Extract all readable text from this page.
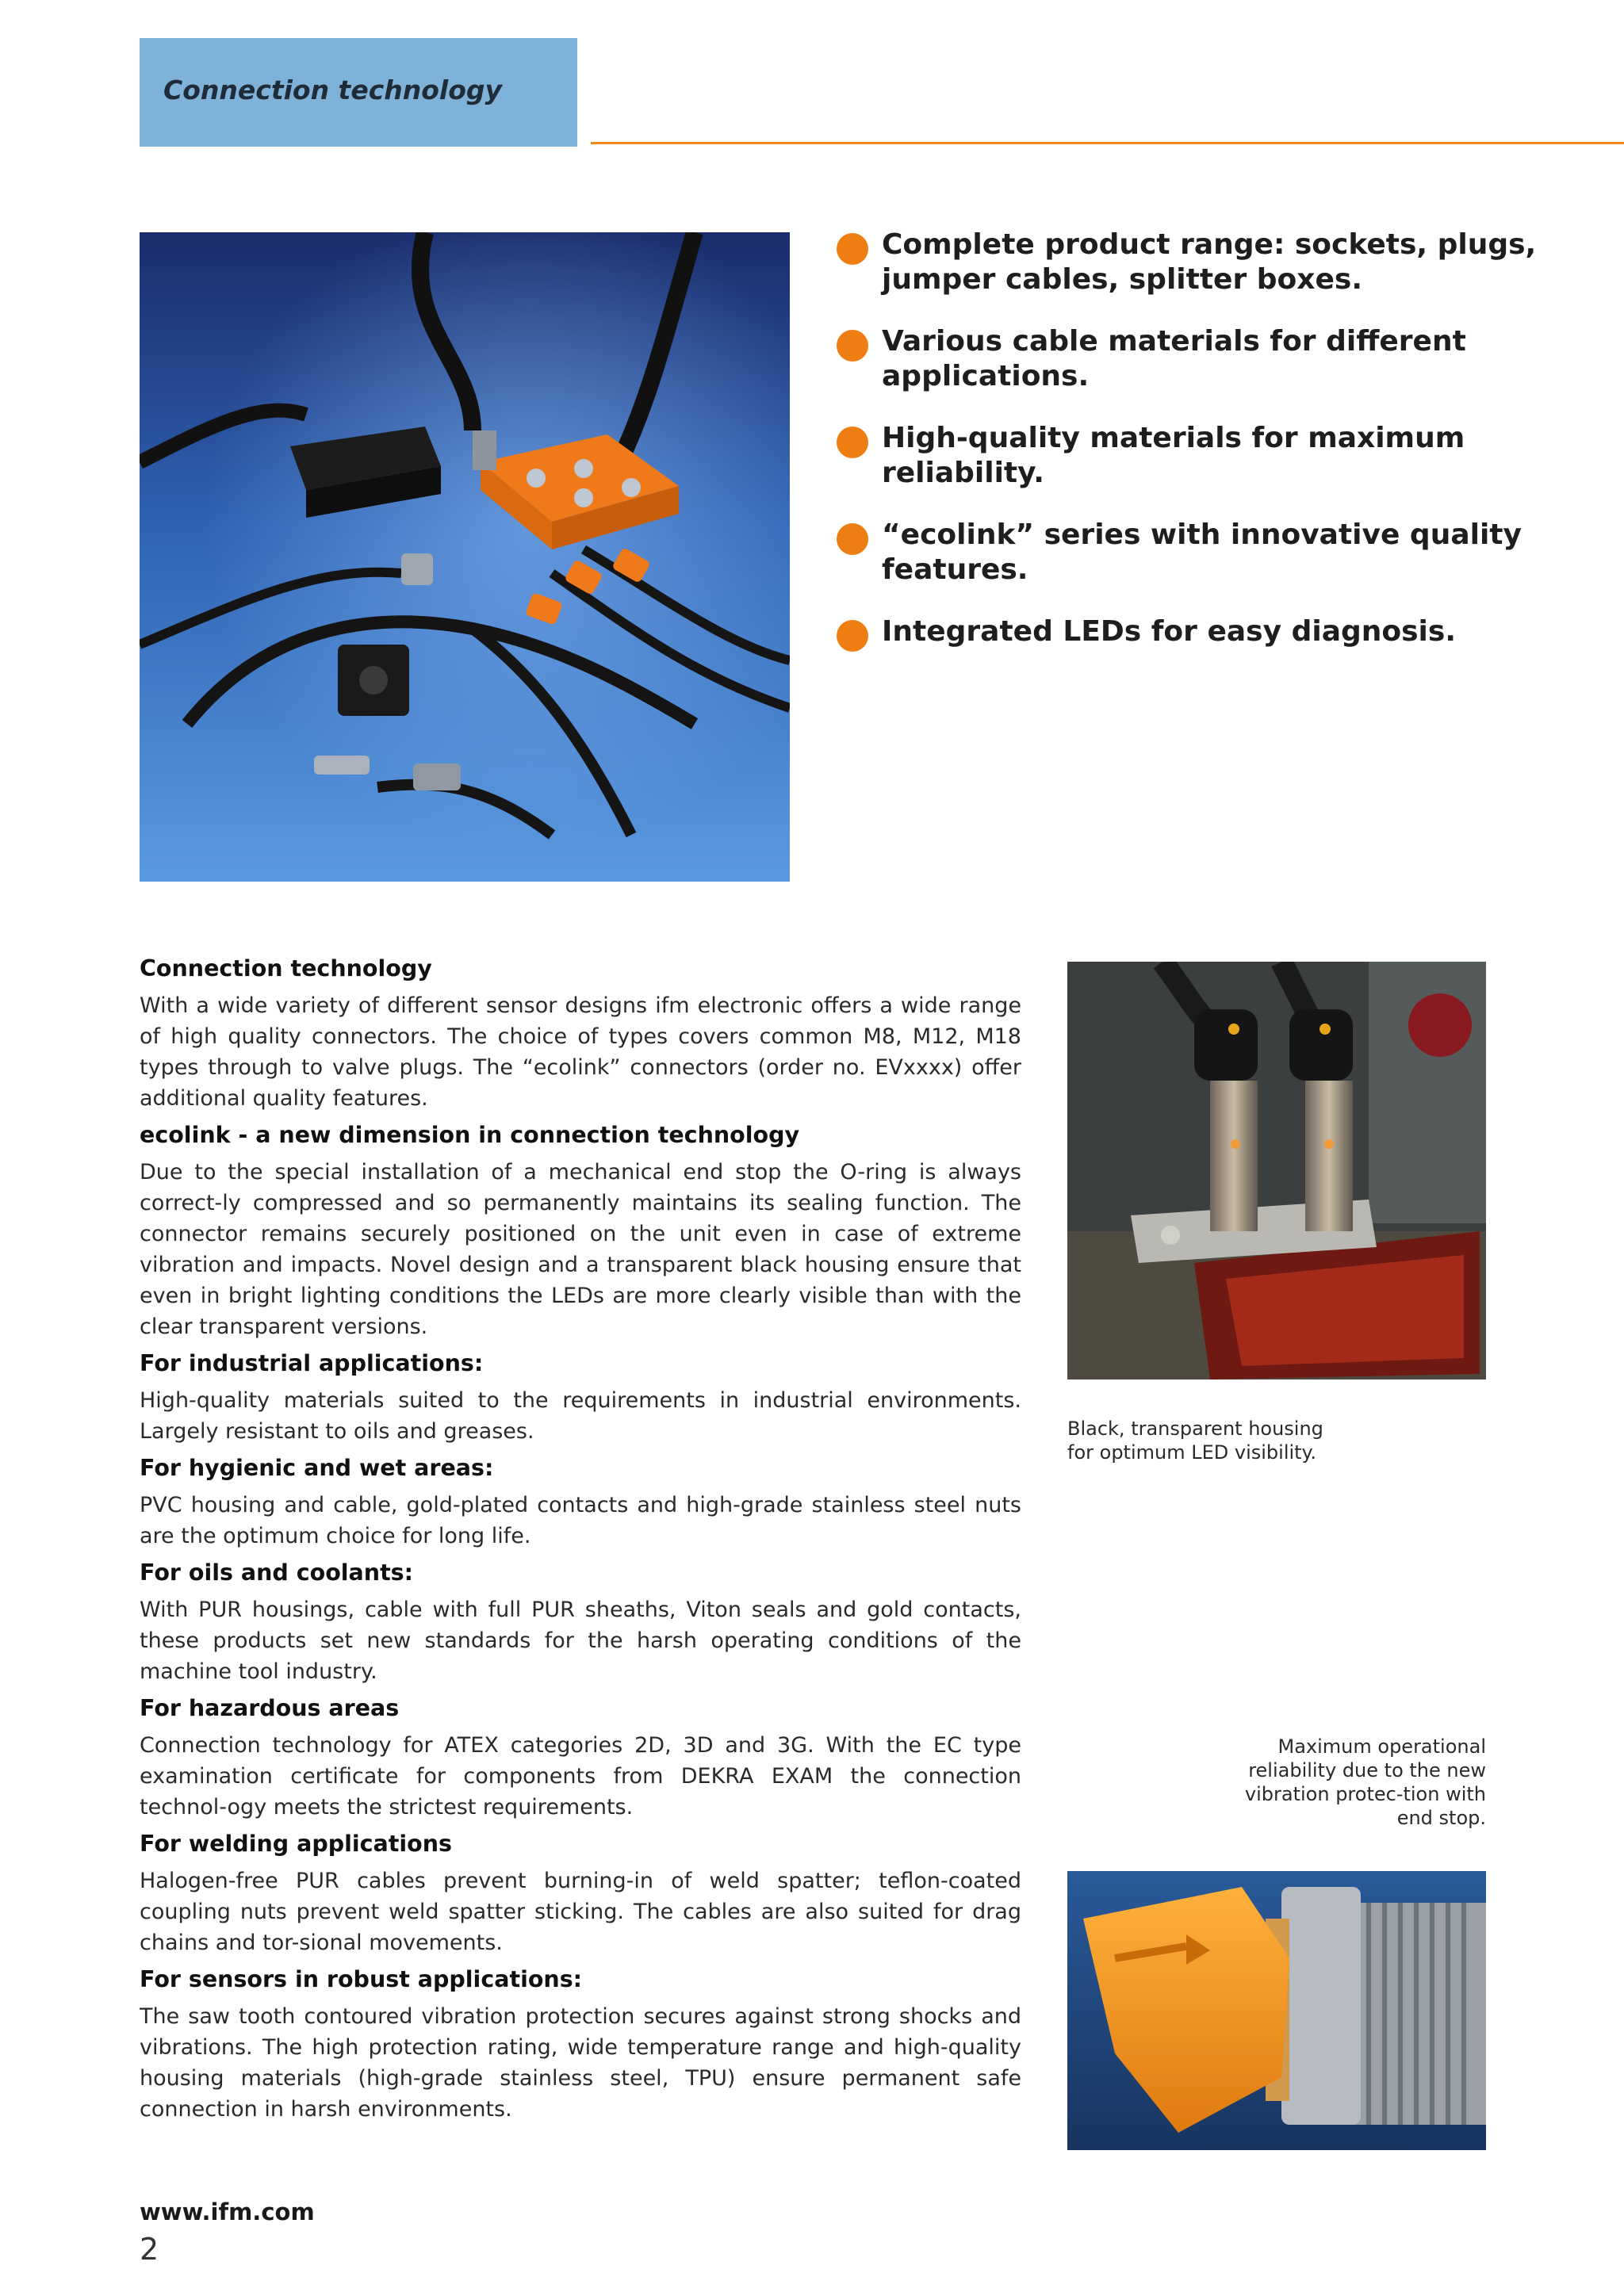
Connection technology
Complete product range: sockets, plugs, jumper cables, splitter boxes.
Various cable materials for different applications.
High-quality materials for maximum reliability.
“ecolink” series with innovative quality features.
Integrated LEDs for easy diagnosis.
Connection technology

With a wide variety of different sensor designs ifm electronic offers a wide range of high quality connectors. The choice of types covers common M8, M12, M18 types through to valve plugs. The “ecolink” connectors (order no. EVxxxx) offer additional quality features.

ecolink - a new dimension in connection technology

Due to the special installation of a mechanical end stop the O-ring is always correct-ly compressed and so permanently maintains its sealing function. The connector remains securely positioned on the unit even in case of extreme vibration and impacts. Novel design and a transparent black housing ensure that even in bright lighting conditions the LEDs are more clearly visible than with the clear transparent versions.

For industrial applications:

High-quality materials suited to the requirements in industrial environments. Largely resistant to oils and greases.

For hygienic and wet areas:

PVC housing and cable, gold-plated contacts and high-grade stainless steel nuts are the optimum choice for long life.

For oils and coolants:

With PUR housings, cable with full PUR sheaths, Viton seals and gold contacts, these products set new standards for the harsh operating conditions of the machine tool industry.

For hazardous areas

Connection technology for ATEX categories 2D, 3D and 3G. With the EC type examination certificate for components from DEKRA EXAM the connection technol-ogy meets the strictest requirements.

For welding applications

Halogen-free PUR cables prevent burning-in of weld spatter; teflon-coated coupling nuts prevent weld spatter sticking. The cables are also suited for drag chains and tor-sional movements.

For sensors in robust applications:

The saw tooth contoured vibration protection secures against strong shocks and vibrations. The high protection rating, wide temperature range and high-quality housing materials (high-grade stainless steel, TPU) ensure permanent safe connection in harsh environments.

Black, transparent housing for optimum LED visibility.
Maximum operational reliability due to the new vibration protec-tion with end stop.
www.ifm.com
2
